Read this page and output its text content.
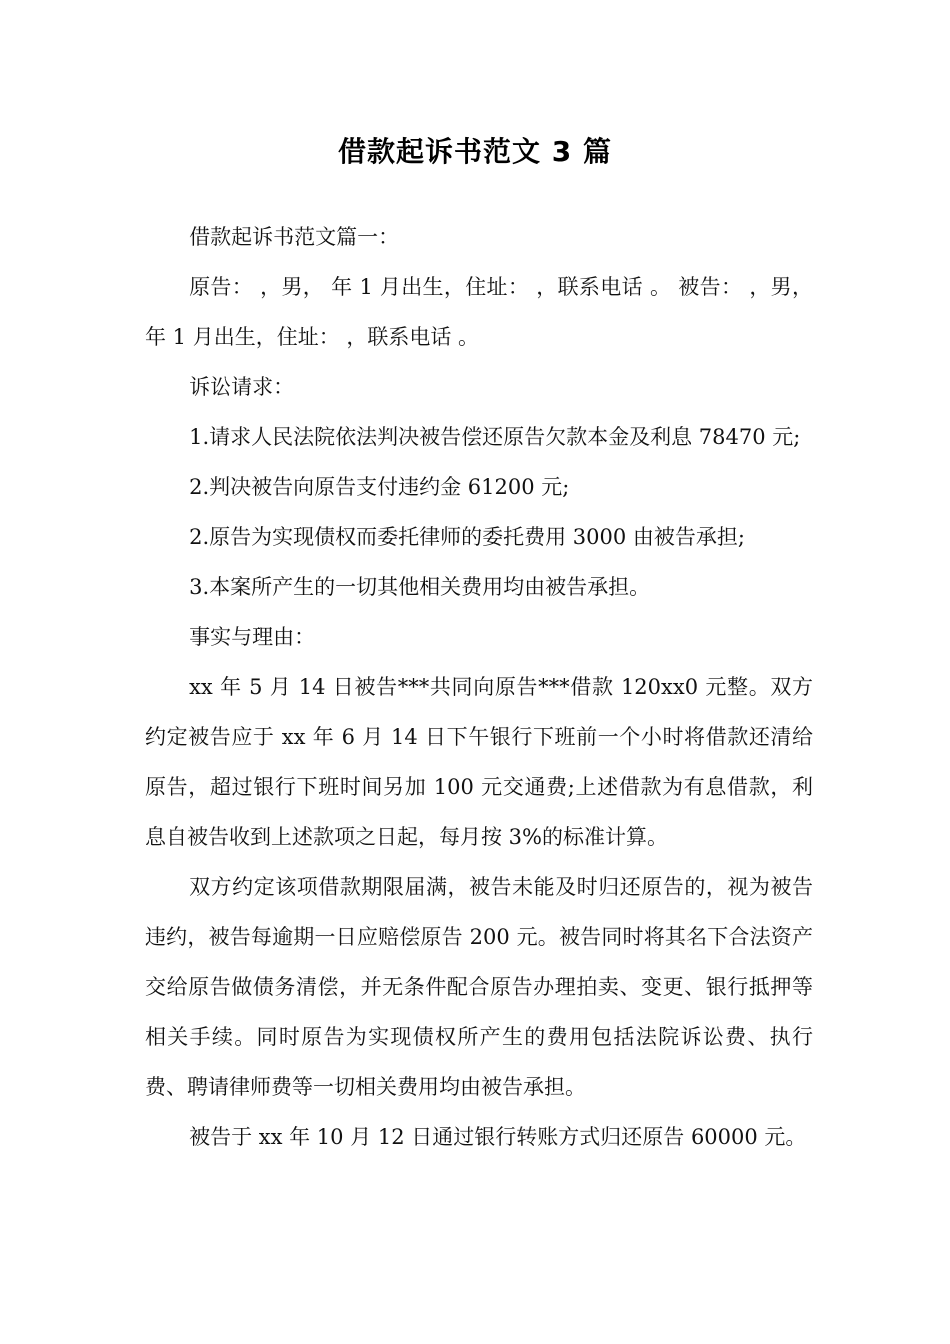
借款起诉书范文 3 篇

借款起诉书范文篇一：

原告： ，男， 年 1 月出生，住址： ，联系电话 。 被告： ，男， 年 1 月出生，住址： ，联系电话 。

诉讼请求：

1.请求人民法院依法判决被告偿还原告欠款本金及利息 78470 元;

2.判决被告向原告支付违约金 61200 元;

2.原告为实现债权而委托律师的委托费用 3000 由被告承担;

3.本案所产生的一切其他相关费用均由被告承担。

事实与理由：

xx 年 5 月 14 日被告***共同向原告***借款 120xx0 元整。双方约定被告应于 xx 年 6 月 14 日下午银行下班前一个小时将借款还清给原告，超过银行下班时间另加 100 元交通费;上述借款为有息借款，利息自被告收到上述款项之日起，每月按 3%的标准计算。

双方约定该项借款期限届满，被告未能及时归还原告的，视为被告违约，被告每逾期一日应赔偿原告 200 元。被告同时将其名下合法资产交给原告做债务清偿，并无条件配合原告办理拍卖、变更、银行抵押等相关手续。同时原告为实现债权所产生的费用包括法院诉讼费、执行费、聘请律师费等一切相关费用均由被告承担。

被告于 xx 年 10 月 12 日通过银行转账方式归还原告 60000 元。
